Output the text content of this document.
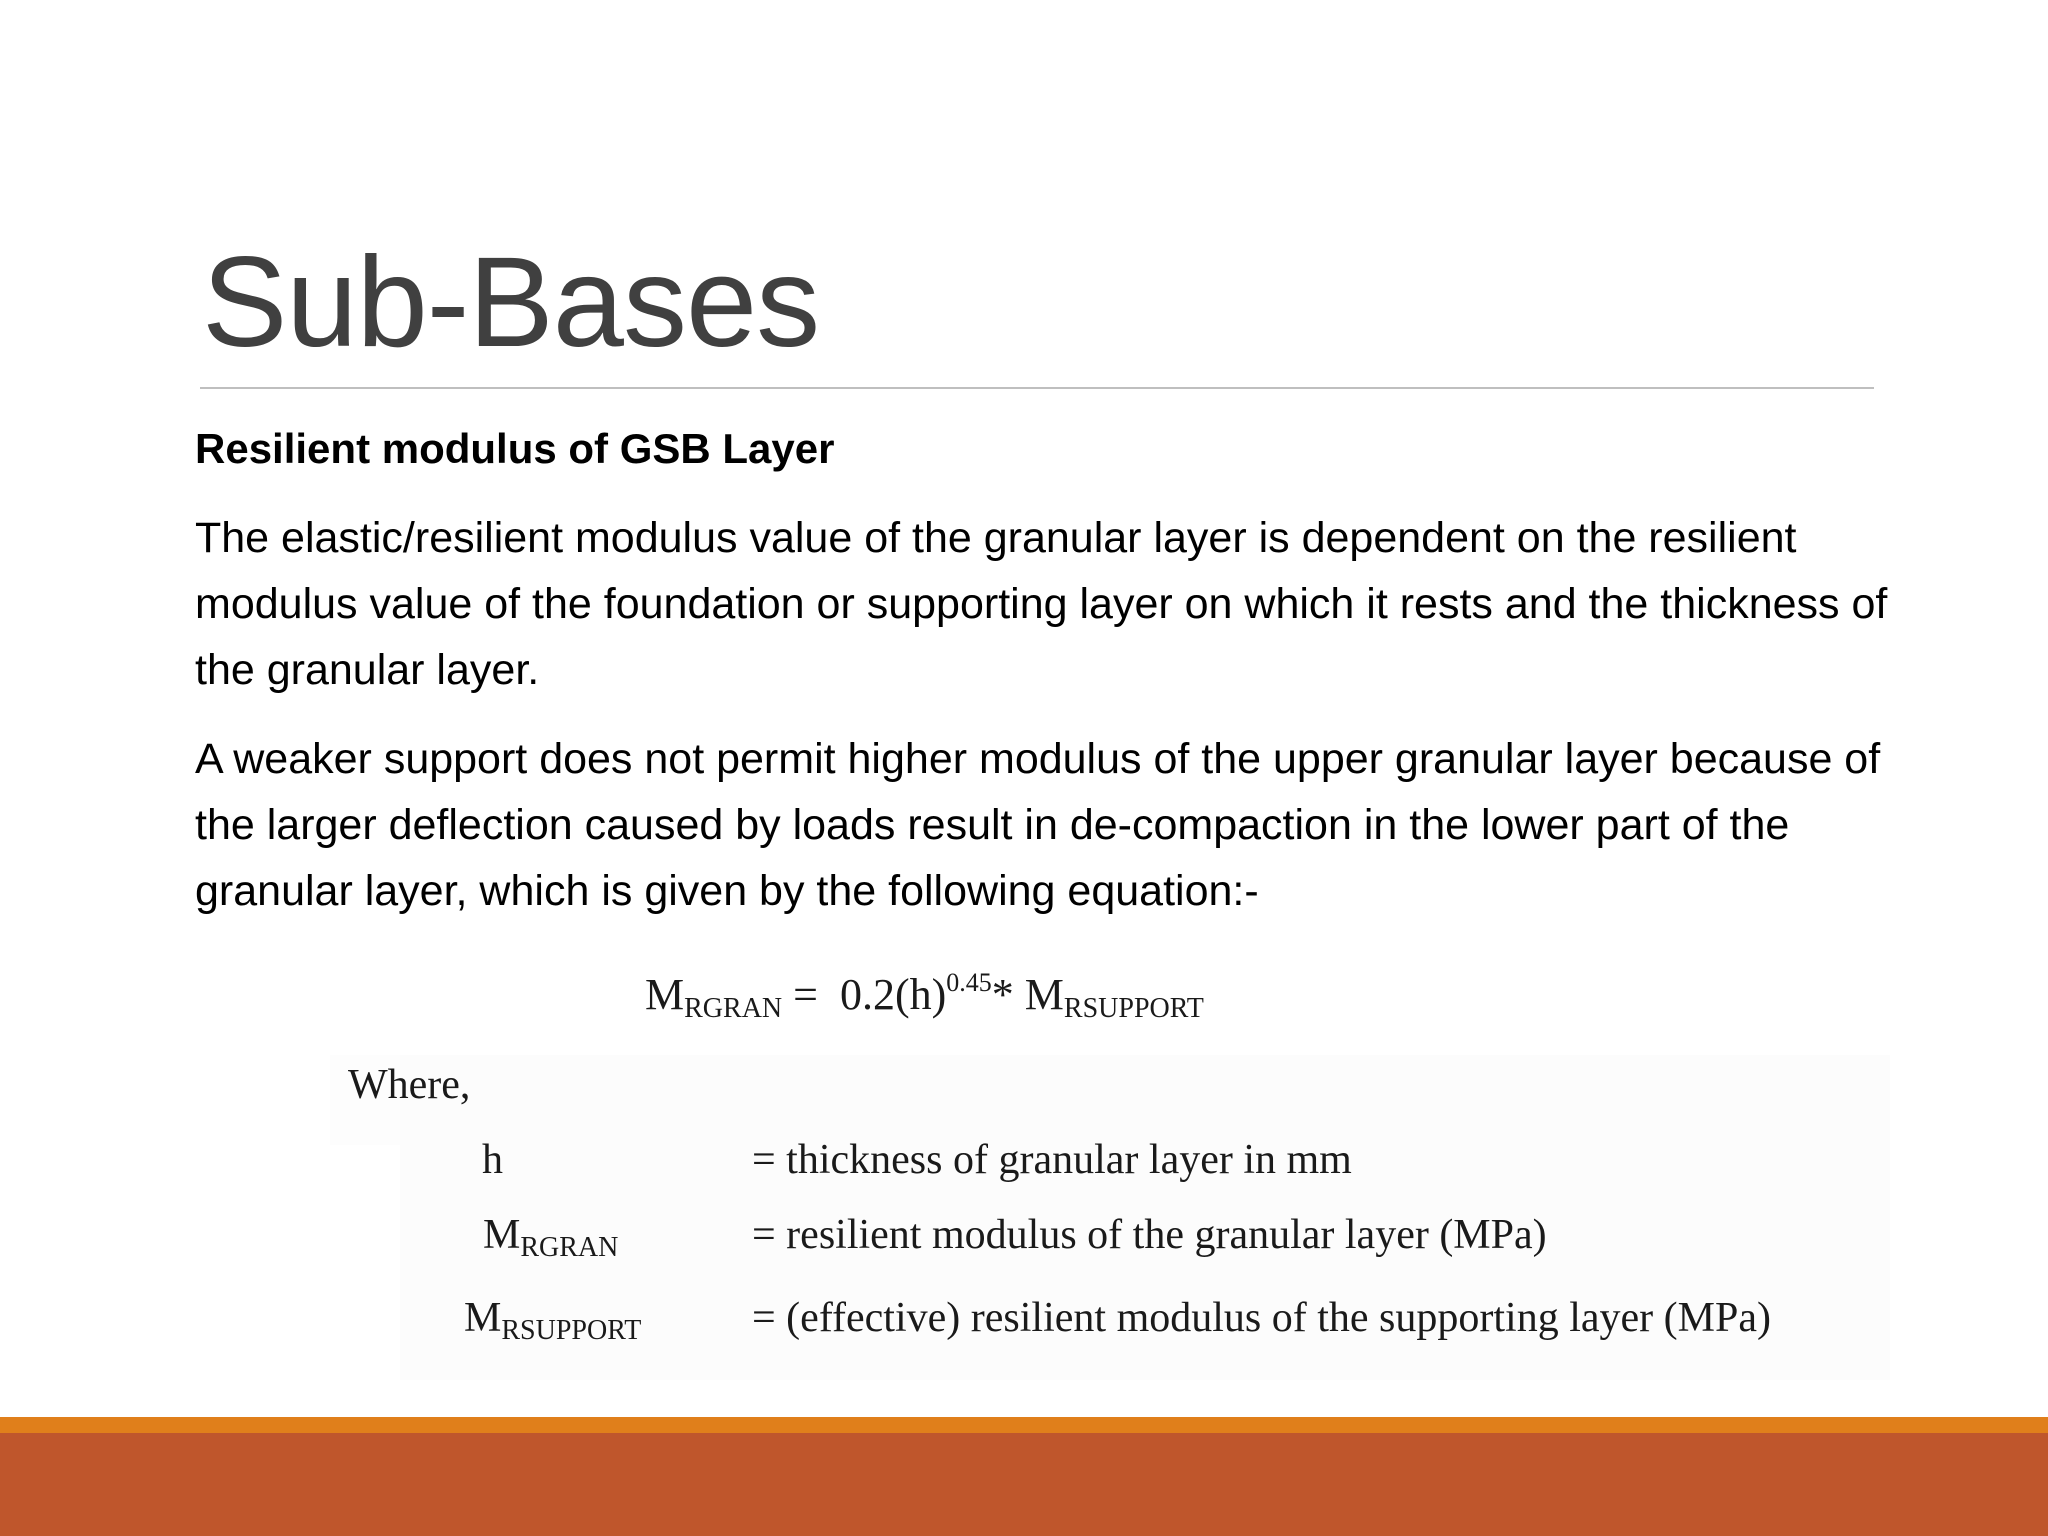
Sub-Bases

Resilient modulus of GSB Layer

The elastic/resilient modulus value of the granular layer is dependent on the resilient modulus value of the foundation or supporting layer on which it rests and the thickness of the granular layer.

A weaker support does not permit higher modulus of the upper granular layer because of the larger deflection caused by loads result in de-compaction in the lower part of the granular layer, which is given by the following equation:-

$M_{RGRAN} = 0.2(h)^{0.45}*$ $M_{RSUPPORT}$
Where,
h	= thickness of granular layer in mm
$M_{RGRAN}$	= resilient modulus of the granular layer (MPa)
$M_{RSUPPORT}$	= (effective) resilient modulus of the supporting layer (MPa)
